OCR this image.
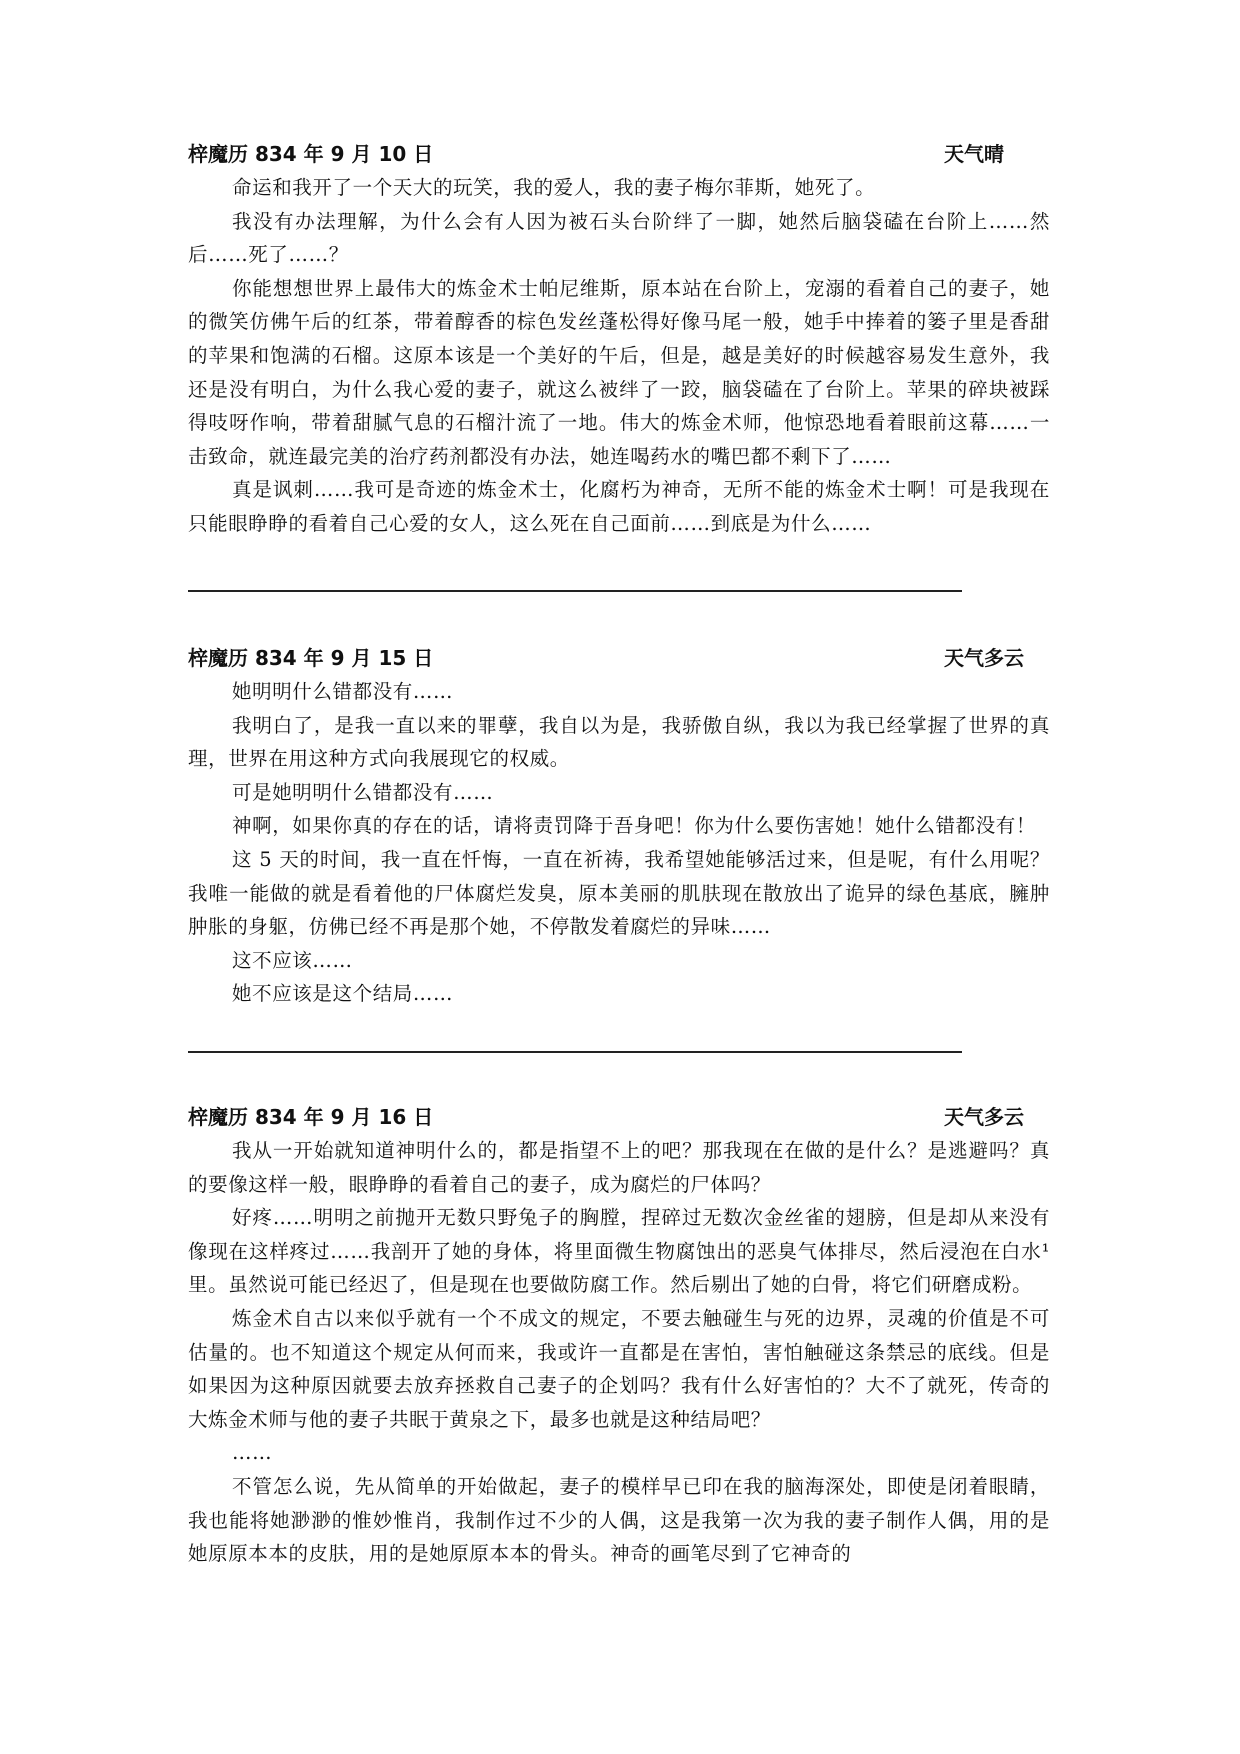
梓魔历 834 年 9 月 10 日	天气晴

命运和我开了一个天大的玩笑，我的爱人，我的妻子梅尔菲斯，她死了。

我没有办法理解，为什么会有人因为被石头台阶绊了一脚，她然后脑袋磕在台阶上……然后……死了……？

你能想想世界上最伟大的炼金术士帕尼维斯，原本站在台阶上，宠溺的看着自己的妻子，她的微笑仿佛午后的红茶，带着醇香的棕色发丝蓬松得好像马尾一般，她手中捧着的篓子里是香甜的苹果和饱满的石榴。这原本该是一个美好的午后，但是，越是美好的时候越容易发生意外，我还是没有明白，为什么我心爱的妻子，就这么被绊了一跤，脑袋磕在了台阶上。苹果的碎块被踩得吱呀作响，带着甜腻气息的石榴汁流了一地。伟大的炼金术师，他惊恐地看着眼前这幕……一击致命，就连最完美的治疗药剂都没有办法，她连喝药水的嘴巴都不剩下了……

真是讽刺……我可是奇迹的炼金术士，化腐朽为神奇，无所不能的炼金术士啊！可是我现在只能眼睁睁的看着自己心爱的女人，这么死在自己面前……到底是为什么……

梓魔历 834 年 9 月 15 日	天气多云

她明明什么错都没有……

我明白了，是我一直以来的罪孽，我自以为是，我骄傲自纵，我以为我已经掌握了世界的真理，世界在用这种方式向我展现它的权威。

可是她明明什么错都没有……

神啊，如果你真的存在的话，请将责罚降于吾身吧！你为什么要伤害她！她什么错都没有！

这 5 天的时间，我一直在忏悔，一直在祈祷，我希望她能够活过来，但是呢，有什么用呢？我唯一能做的就是看着他的尸体腐烂发臭，原本美丽的肌肤现在散放出了诡异的绿色基底，臃肿肿胀的身躯，仿佛已经不再是那个她，不停散发着腐烂的异味……

这不应该……

她不应该是这个结局……

梓魔历 834 年 9 月 16 日	天气多云

我从一开始就知道神明什么的，都是指望不上的吧？那我现在在做的是什么？是逃避吗？真的要像这样一般，眼睁睁的看着自己的妻子，成为腐烂的尸体吗？

好疼……明明之前抛开无数只野兔子的胸膛，捏碎过无数次金丝雀的翅膀，但是却从来没有像现在这样疼过……我剖开了她的身体，将里面微生物腐蚀出的恶臭气体排尽，然后浸泡在白水¹里。虽然说可能已经迟了，但是现在也要做防腐工作。然后剔出了她的白骨，将它们研磨成粉。

炼金术自古以来似乎就有一个不成文的规定，不要去触碰生与死的边界，灵魂的价值是不可估量的。也不知道这个规定从何而来，我或许一直都是在害怕，害怕触碰这条禁忌的底线。但是如果因为这种原因就要去放弃拯救自己妻子的企划吗？我有什么好害怕的？大不了就死，传奇的大炼金术师与他的妻子共眠于黄泉之下，最多也就是这种结局吧？

……

不管怎么说，先从简单的开始做起，妻子的模样早已印在我的脑海深处，即使是闭着眼睛，我也能将她渺渺的惟妙惟肖，我制作过不少的人偶，这是我第一次为我的妻子制作人偶，用的是她原原本本的皮肤，用的是她原原本本的骨头。神奇的画笔尽到了它神奇的
